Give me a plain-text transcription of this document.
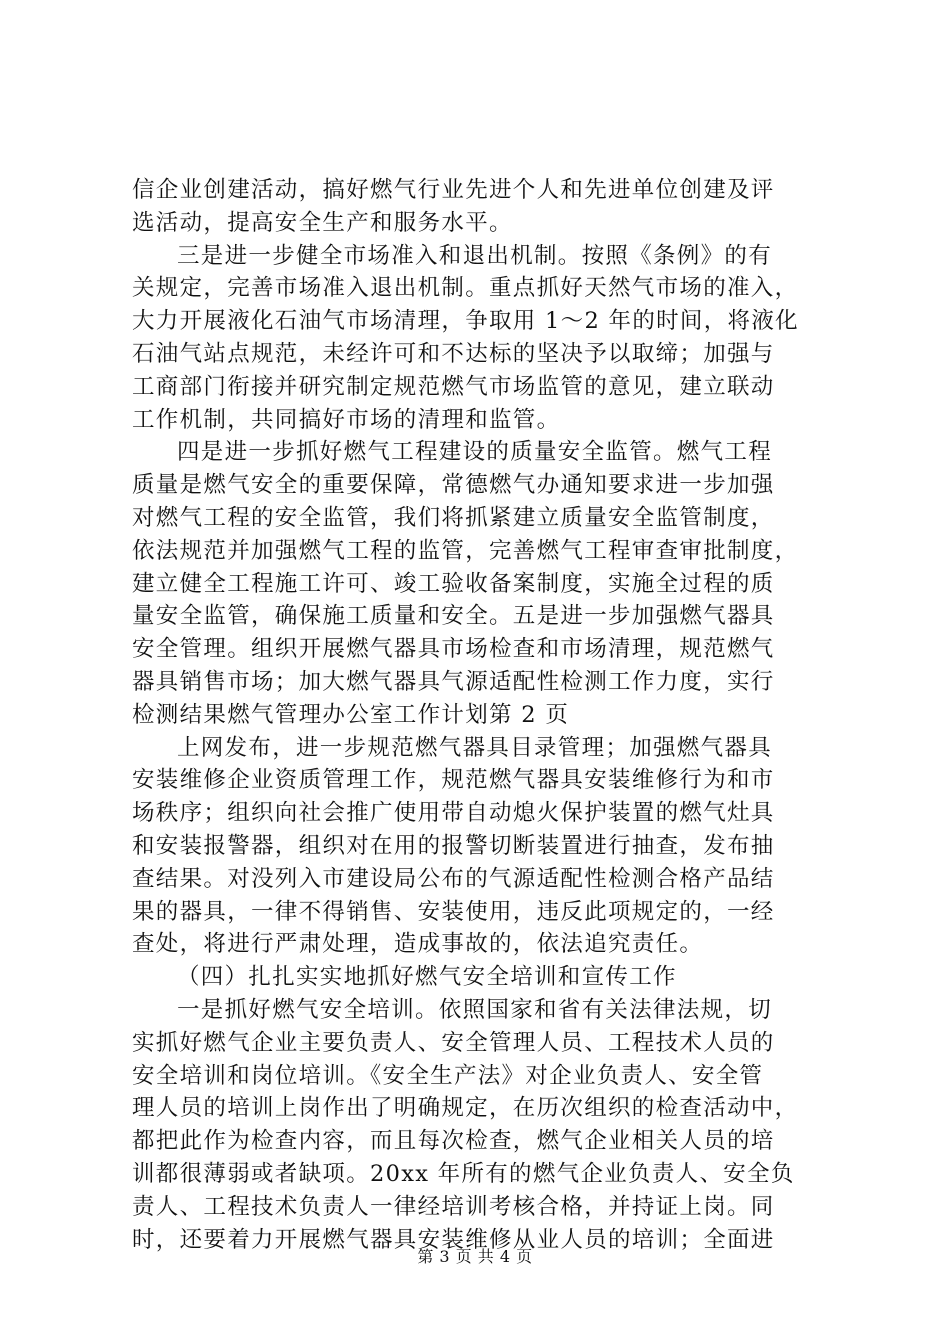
信企业创建活动，搞好燃气行业先进个人和先进单位创建及评
选活动，提高安全生产和服务水平。
三是进一步健全市场准入和退出机制。按照《条例》的有
关规定，完善市场准入退出机制。重点抓好天然气市场的准入，
大力开展液化石油气市场清理，争取用 1～2 年的时间，将液化
石油气站点规范，未经许可和不达标的坚决予以取缔；加强与
工商部门衔接并研究制定规范燃气市场监管的意见，建立联动
工作机制，共同搞好市场的清理和监管。
四是进一步抓好燃气工程建设的质量安全监管。燃气工程
质量是燃气安全的重要保障，常德燃气办通知要求进一步加强
对燃气工程的安全监管，我们将抓紧建立质量安全监管制度，
依法规范并加强燃气工程的监管，完善燃气工程审查审批制度，
建立健全工程施工许可、竣工验收备案制度，实施全过程的质
量安全监管，确保施工质量和安全。五是进一步加强燃气器具
安全管理。组织开展燃气器具市场检查和市场清理，规范燃气
器具销售市场；加大燃气器具气源适配性检测工作力度，实行
检测结果燃气管理办公室工作计划第 2 页
上网发布，进一步规范燃气器具目录管理；加强燃气器具
安装维修企业资质管理工作，规范燃气器具安装维修行为和市
场秩序；组织向社会推广使用带自动熄火保护装置的燃气灶具
和安装报警器，组织对在用的报警切断装置进行抽查，发布抽
查结果。对没列入市建设局公布的气源适配性检测合格产品结
果的器具，一律不得销售、安装使用，违反此项规定的，一经
查处，将进行严肃处理，造成事故的，依法追究责任。
（四）扎扎实实地抓好燃气安全培训和宣传工作
一是抓好燃气安全培训。依照国家和省有关法律法规，切
实抓好燃气企业主要负责人、安全管理人员、工程技术人员的
安全培训和岗位培训。《安全生产法》对企业负责人、安全管
理人员的培训上岗作出了明确规定，在历次组织的检查活动中，
都把此作为检查内容，而且每次检查，燃气企业相关人员的培
训都很薄弱或者缺项。20xx 年所有的燃气企业负责人、安全负
责人、工程技术负责人一律经培训考核合格，并持证上岗。同
时，还要着力开展燃气器具安装维修从业人员的培训；全面进
第 3 页 共 4 页
